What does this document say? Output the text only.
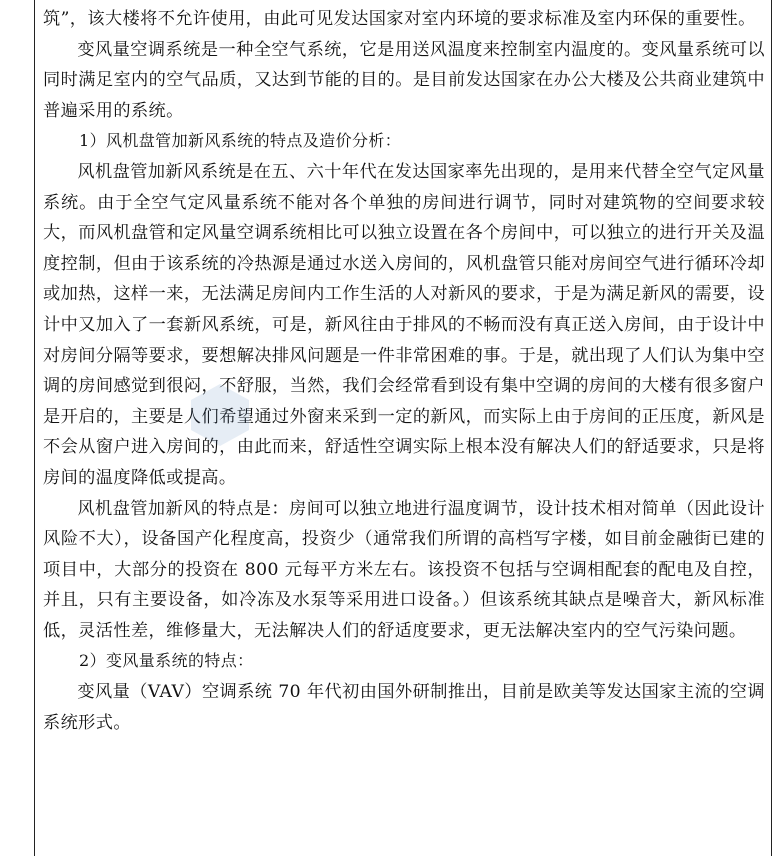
筑”，该大楼将不允许使用，由此可见发达国家对室内环境的要求标准及室内环保的重要性。

变风量空调系统是一种全空气系统，它是用送风温度来控制室内温度的。变风量系统可以同时满足室内的空气品质，又达到节能的目的。是目前发达国家在办公大楼及公共商业建筑中普遍采用的系统。

1）风机盘管加新风系统的特点及造价分析：

风机盘管加新风系统是在五、六十年代在发达国家率先出现的，是用来代替全空气定风量系统。由于全空气定风量系统不能对各个单独的房间进行调节，同时对建筑物的空间要求较大，而风机盘管和定风量空调系统相比可以独立设置在各个房间中，可以独立的进行开关及温度控制，但由于该系统的冷热源是通过水送入房间的，风机盘管只能对房间空气进行循环冷却或加热，这样一来，无法满足房间内工作生活的人对新风的要求，于是为满足新风的需要，设计中又加入了一套新风系统，可是，新风往由于排风的不畅而没有真正送入房间，由于设计中对房间分隔等要求，要想解决排风问题是一件非常困难的事。于是，就出现了人们认为集中空调的房间感觉到很闷，不舒服，当然，我们会经常看到设有集中空调的房间的大楼有很多窗户是开启的，主要是人们希望通过外窗来采到一定的新风，而实际上由于房间的正压度，新风是不会从窗户进入房间的，由此而来，舒适性空调实际上根本没有解决人们的舒适要求，只是将房间的温度降低或提高。

风机盘管加新风的特点是：房间可以独立地进行温度调节，设计技术相对简单（因此设计风险不大），设备国产化程度高，投资少（通常我们所谓的高档写字楼，如目前金融街已建的项目中，大部分的投资在 800 元每平方米左右。该投资不包括与空调相配套的配电及自控，并且，只有主要设备，如冷冻及水泵等采用进口设备。）但该系统其缺点是噪音大，新风标准低，灵活性差，维修量大，无法解决人们的舒适度要求，更无法解决室内的空气污染问题。

2）变风量系统的特点：

变风量（VAV）空调系统 70 年代初由国外研制推出，目前是欧美等发达国家主流的空调系统形式。
